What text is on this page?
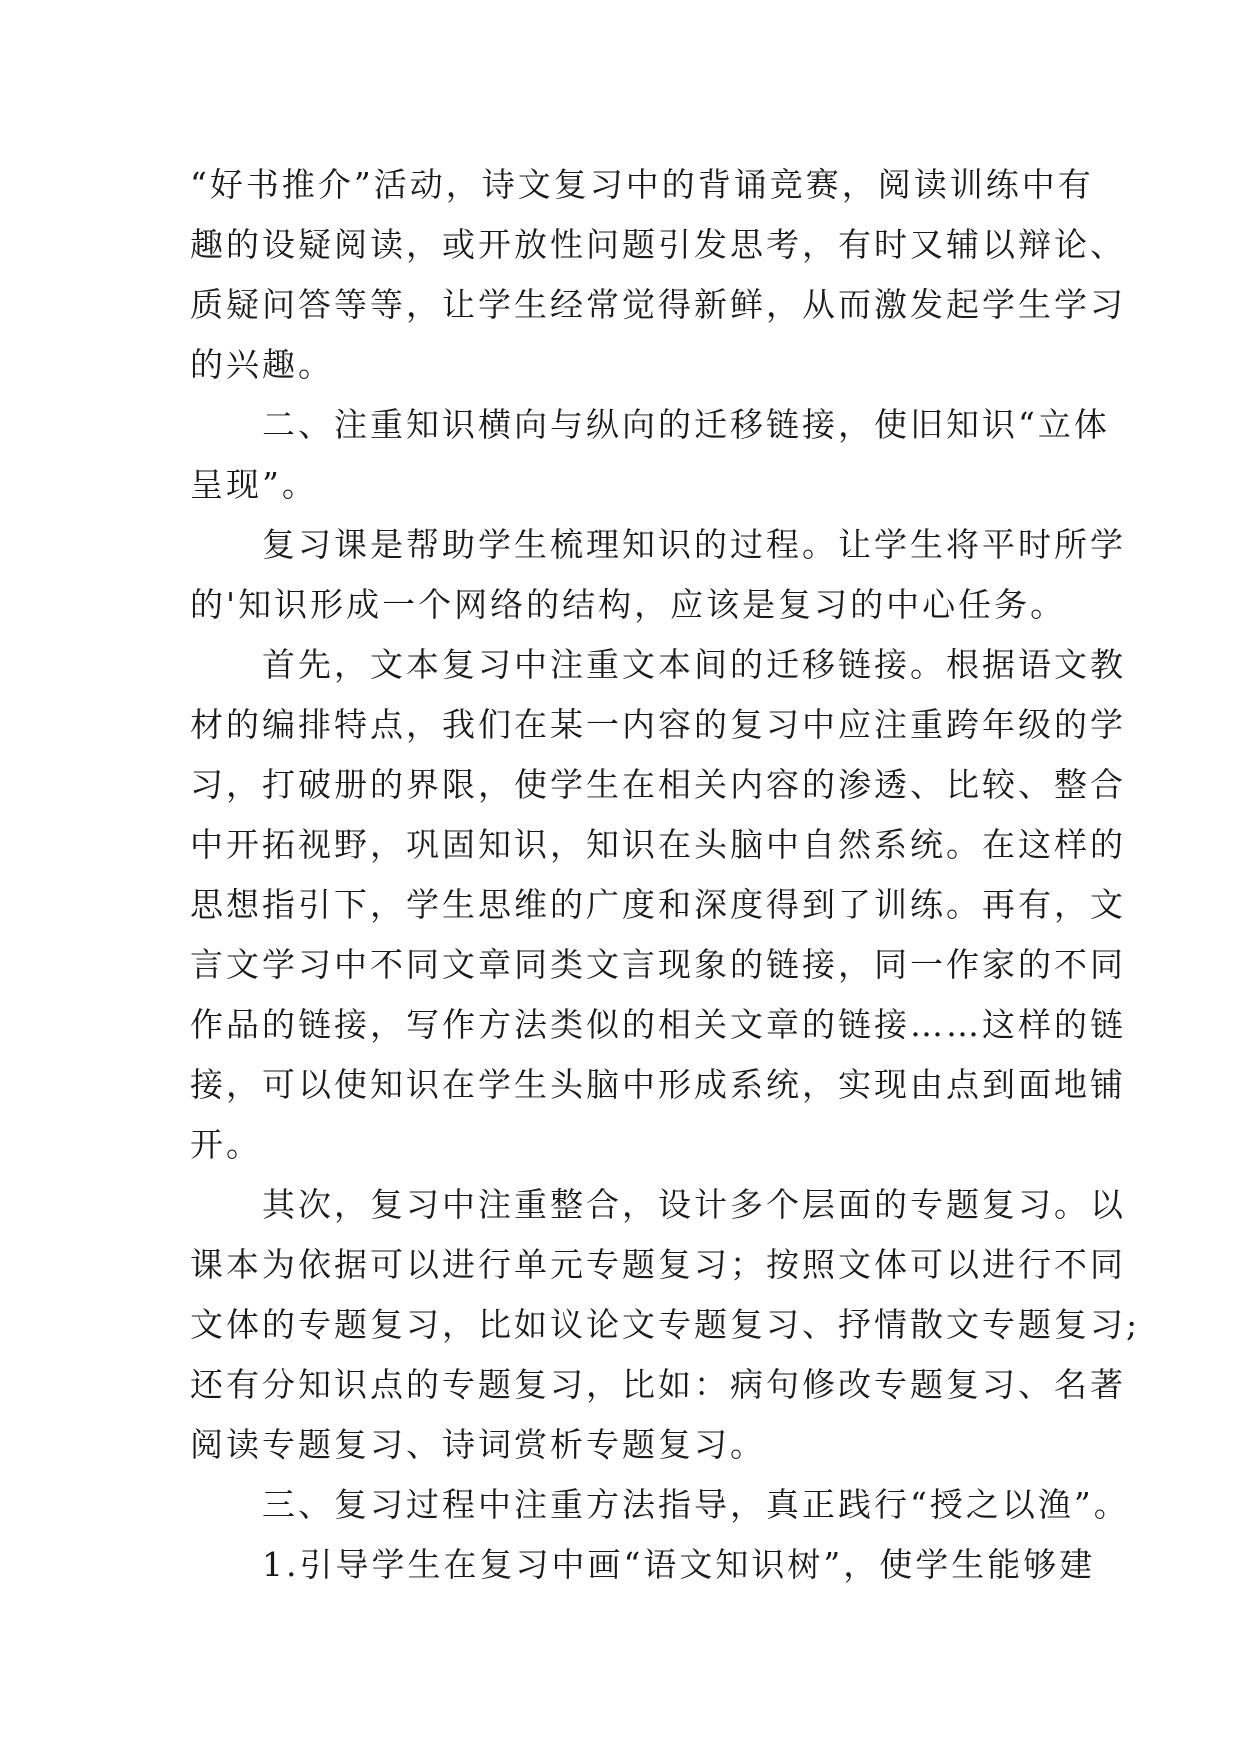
“好书推介”活动，诗文复习中的背诵竞赛，阅读训练中有
趣的设疑阅读，或开放性问题引发思考，有时又辅以辩论、
质疑问答等等，让学生经常觉得新鲜，从而激发起学生学习
的兴趣。
　　二、注重知识横向与纵向的迁移链接，使旧知识“立体
呈现”。
　　复习课是帮助学生梳理知识的过程。让学生将平时所学
的'知识形成一个网络的结构，应该是复习的中心任务。
　　首先，文本复习中注重文本间的迁移链接。根据语文教
材的编排特点，我们在某一内容的复习中应注重跨年级的学
习，打破册的界限，使学生在相关内容的渗透、比较、整合
中开拓视野，巩固知识，知识在头脑中自然系统。在这样的
思想指引下，学生思维的广度和深度得到了训练。再有，文
言文学习中不同文章同类文言现象的链接，同一作家的不同
作品的链接，写作方法类似的相关文章的链接……这样的链
接，可以使知识在学生头脑中形成系统，实现由点到面地铺
开。
　　其次，复习中注重整合，设计多个层面的专题复习。以
课本为依据可以进行单元专题复习；按照文体可以进行不同
文体的专题复习，比如议论文专题复习、抒情散文专题复习;
还有分知识点的专题复习，比如：病句修改专题复习、名著
阅读专题复习、诗词赏析专题复习。
　　三、复习过程中注重方法指导，真正践行“授之以渔”。
　　1.引导学生在复习中画“语文知识树”，使学生能够建
